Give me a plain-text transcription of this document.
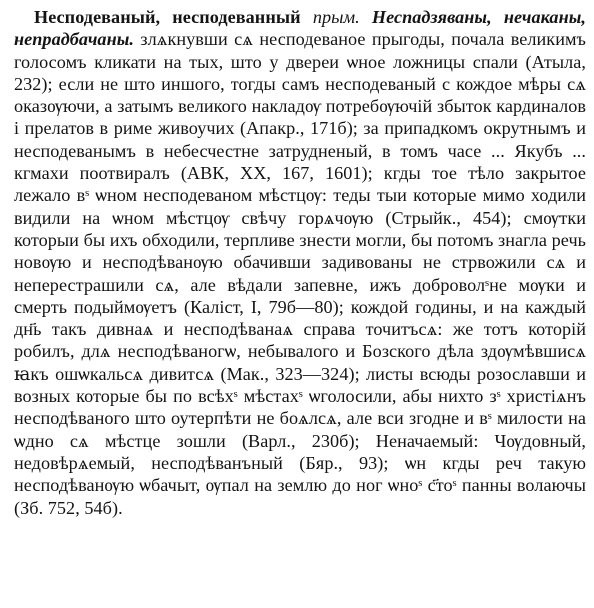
Несподеваный, несподеванный прым. Неспадзяваны, нечаканы, непрадбачаны. злѧкнувши сѧ несподеваное прыгоды, почала великимъ голосомъ кликати на тых, што у двереи ѡное ложницы спали (Атыла, 232); если не што иншого, тогды самъ несподеваный с кождое мѣры сѧ оказѹючи, а затымъ великого накладѹ потребѹючій збыток кардиналов і прелатов в риме живоучих (Апакр., 171б); за припадкомъ окрутнымъ и несподеванымъ в небесчестне затрудненый, в томъ часе ... Якубъ ... кгмахи поотвиралъ (АВК, XX, 167, 1601); кгды тое тѣло закрытое лежало вˢ ѡном несподеваном мѣстцѹ: теды тыи которые мимо ходили видили на ѡном мѣстцѹ свѣчу горѧчѹю (Стрыйк., 454); смѹтки которыи бы ихъ обходили, терпливе знести могли, бы потомъ знагла речь новѹю и несподѣванѹю обачивши задивованы не стрвожили сѧ и неперестрашили сѧ, але вѣдали запевне, ижъ доброволˢне мѹки и смерть подыймѹетъ (Каліст, I, 79б—80); кождой годины, и на каждый дн҃ь такъ дивнаѧ и несподѣванаѧ справа точитъсѧ: же тотъ которій робилъ, длѧ несподѣваногѡ, небывалого и Бозского дѣла здѹмѣвшисѧ ꙗкъ ошѡкальсѧ дивитсѧ (Мак., 323—324); листы всюды розославши и возных которые бы по всѣхˢ мѣстахˢ ѡголосили, абы нихто зˢ христіѧнъ несподѣваного што оутерпѣти не боѧлсѧ, але вси згодне и вˢ милости на ѡдно сѧ мѣстце зошли (Варл., 230б); Неначаемый: Чѹдовный, недовѣрѧемый, несподѣванъный (Бяр., 93); ѡн кгды реч такую несподѣванѹю ѡбачыт, ѹпал на землю до ног ѡноˢ с҃тоˢ панны волаючы (Зб. 752, 54б).
